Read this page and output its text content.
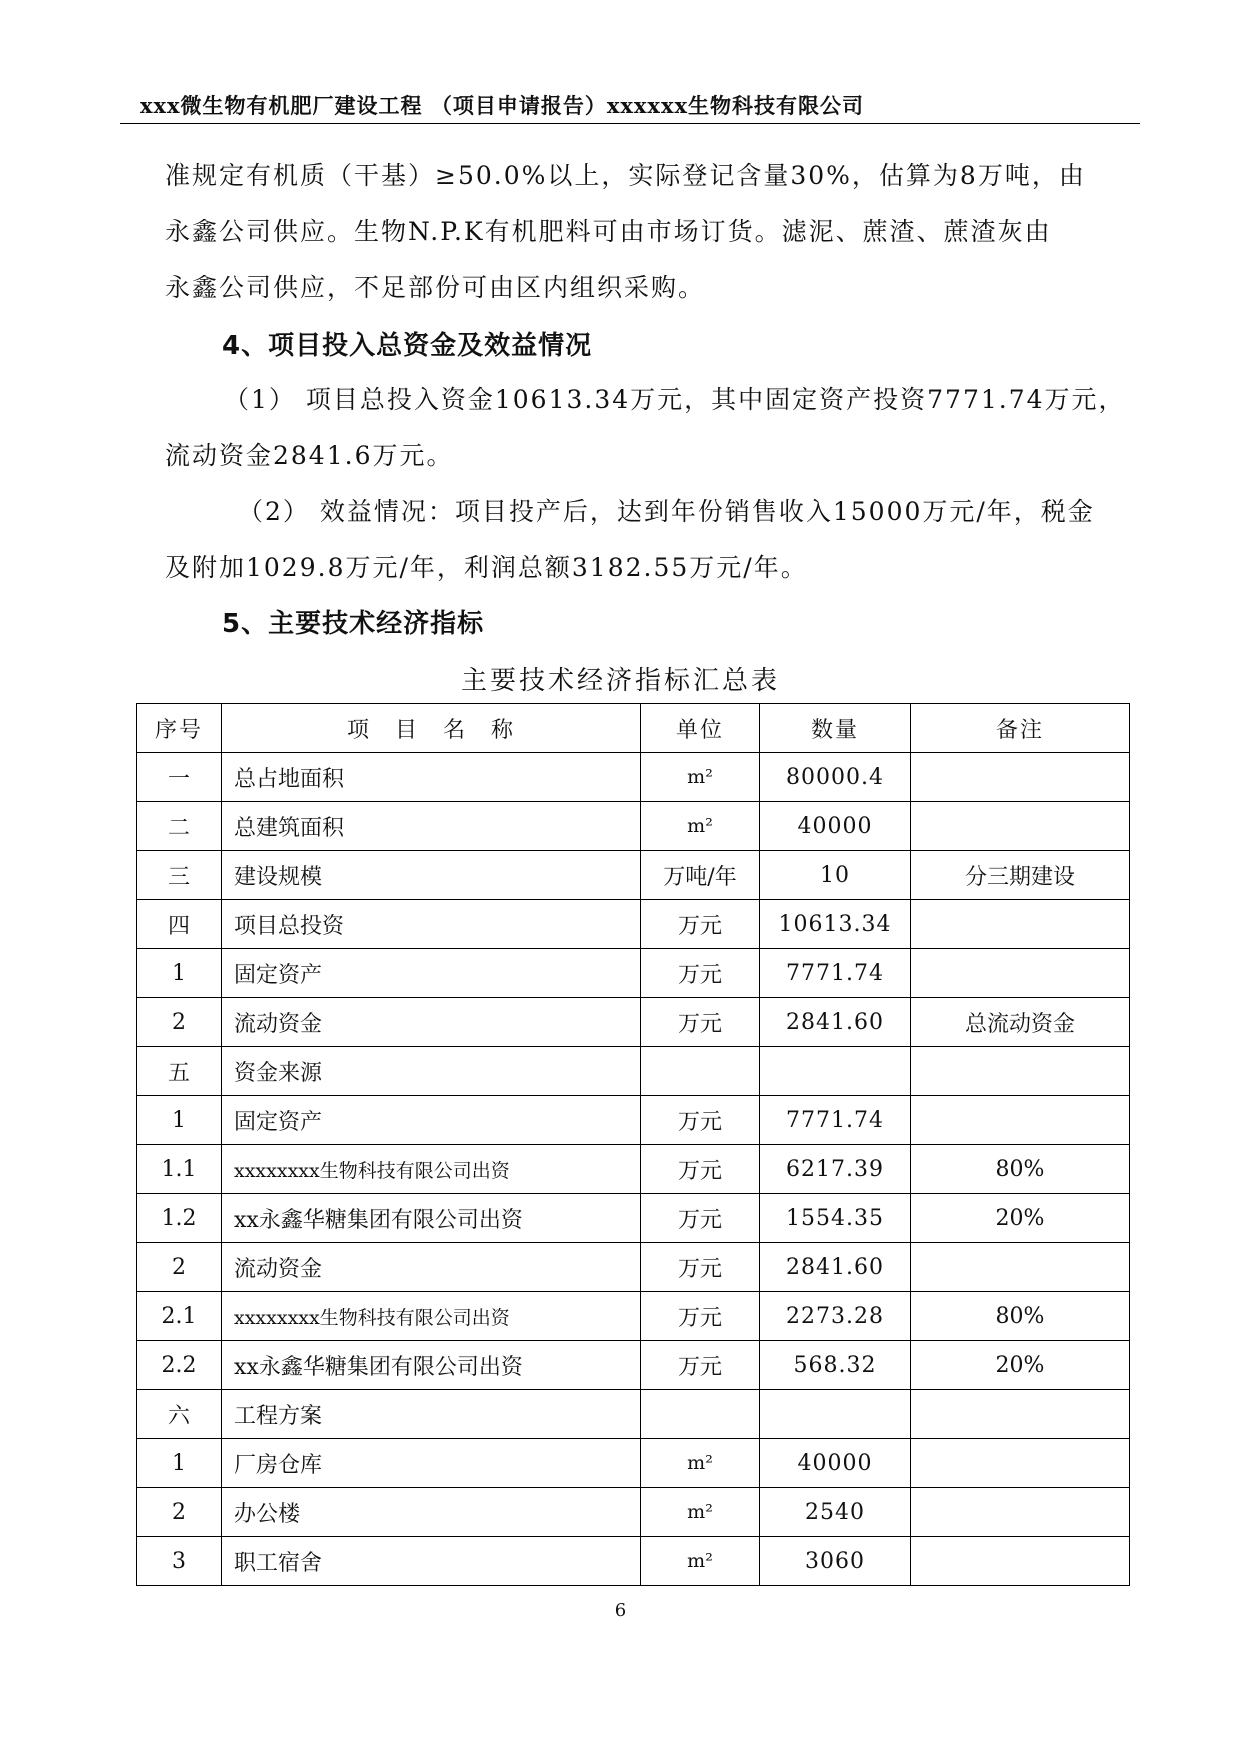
xxx微生物有机肥厂建设工程 （项目申请报告）xxxxxx生物科技有限公司
准规定有机质（干基）≥50.0%以上，实际登记含量30%，估算为8万吨，由
永鑫公司供应。生物N.P.K有机肥料可由市场订货。滤泥、蔗渣、蔗渣灰由
永鑫公司供应，不足部份可由区内组织采购。
4、项目投入总资金及效益情况
（1） 项目总投入资金10613.34万元，其中固定资产投资7771.74万元，
流动资金2841.6万元。
（2） 效益情况：项目投产后，达到年份销售收入15000万元/年，税金
及附加1029.8万元/年，利润总额3182.55万元/年。
5、主要技术经济指标
主要技术经济指标汇总表
序号	项　目　名　称	单位	数量	备注
一	总占地面积	m²	80000.4	
二	总建筑面积	m²	40000	
三	建设规模	万吨/年	10	分三期建设
四	项目总投资	万元	10613.34	
1	固定资产	万元	7771.74	
2	流动资金	万元	2841.60	总流动资金
五	资金来源			
1	固定资产	万元	7771.74	
1.1	xxxxxxxx生物科技有限公司出资	万元	6217.39	80%
1.2	xx永鑫华糖集团有限公司出资	万元	1554.35	20%
2	流动资金	万元	2841.60	
2.1	xxxxxxxx生物科技有限公司出资	万元	2273.28	80%
2.2	xx永鑫华糖集团有限公司出资	万元	568.32	20%
六	工程方案			
1	厂房仓库	m²	40000	
2	办公楼	m²	2540	
3	职工宿舍	m²	3060	
6
